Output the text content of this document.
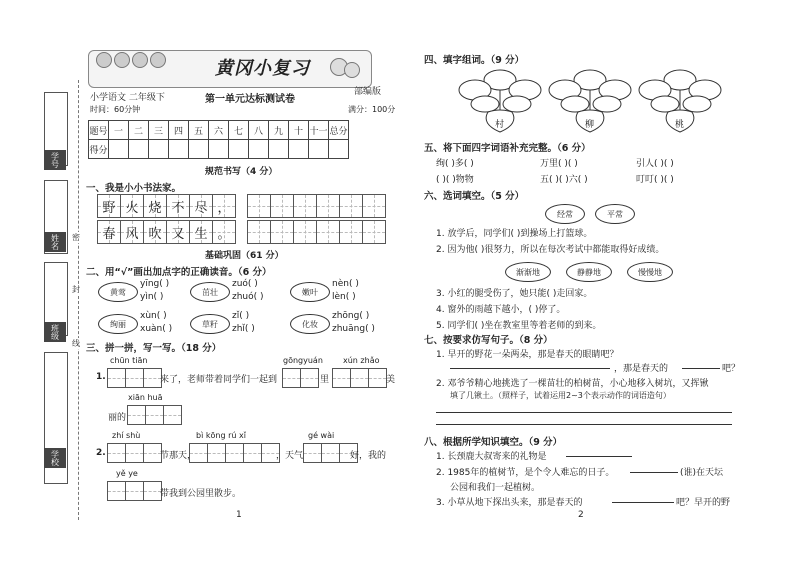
学号
姓名
班级
学校
密
封
线
黄冈小复习
小学语文 二年级下	第一单元达标测试卷
部编版
时间：60分钟	满分：100分
题号	一	二	三	四	五	六	七	八	九	十	十一	总分
得分												
规范书写（4 分）
一、我是小小书法家。
野 火 烧 不 尽 ，
春 风 吹 又 生 。
基础巩固（61 分）
二、用“√”画出加点字的正确读音。（6 分）
黄莺
yīng( )
yìn( )	茁壮
zuó( )
zhuó( )	嫩叶
nèn( )
lèn( )
绚丽
xùn( )
xuàn( )	草籽
zǐ( )
zhǐ( )	化妆
zhōng( )
zhuāng( )
三、拼一拼，写一写。（18 分）
chūn tiān	gōngyuán	xún zhǎo
1.	来了，老师带着同学们一起到	里	美
xiān huā
丽的
zhí shù	bì kōng rú xǐ	gé wài
2.	节那天，	，天气	好，我的
yě ye
带我到公园里散步。
1
四、填字组词。（9 分）
村	柳	桃
五、将下面四字词语补充完整。（6 分）
绚( )多( )	万里( )( )	引人( )( )
( )( )物物	五( )( )六( )	叮叮( )( )
六、选词填空。（5 分）
经常	平常
1. 放学后，同学们( )到操场上打篮球。
2. 因为他( )很努力，所以在每次考试中都能取得好成绩。
渐渐地	静静地	慢慢地
3. 小红的腿受伤了，她只能( )走回家。
4. 窗外的雨越下越小，( )停了。
5. 同学们( )坐在教室里等着老师的到来。
七、按要求仿写句子。（8 分）
1. 早开的野花一朵两朵，那是春天的眼睛吧？
，那是春天的	吧？
2. 邓爷爷精心地挑选了一棵苗壮的柏树苗，小心地移入树坑，又挥锹
填了几锹土。（照样子，试着运用2~3个表示动作的词语造句）
八、根据所学知识填空。（9 分）
1. 长颈鹿大叔寄来的礼物是
2. 1985年的植树节，是个令人难忘的日子。	(谁)在天坛
公园和我们一起植树。
3. 小草从地下探出头来，那是春天的	吧？早开的野
2
